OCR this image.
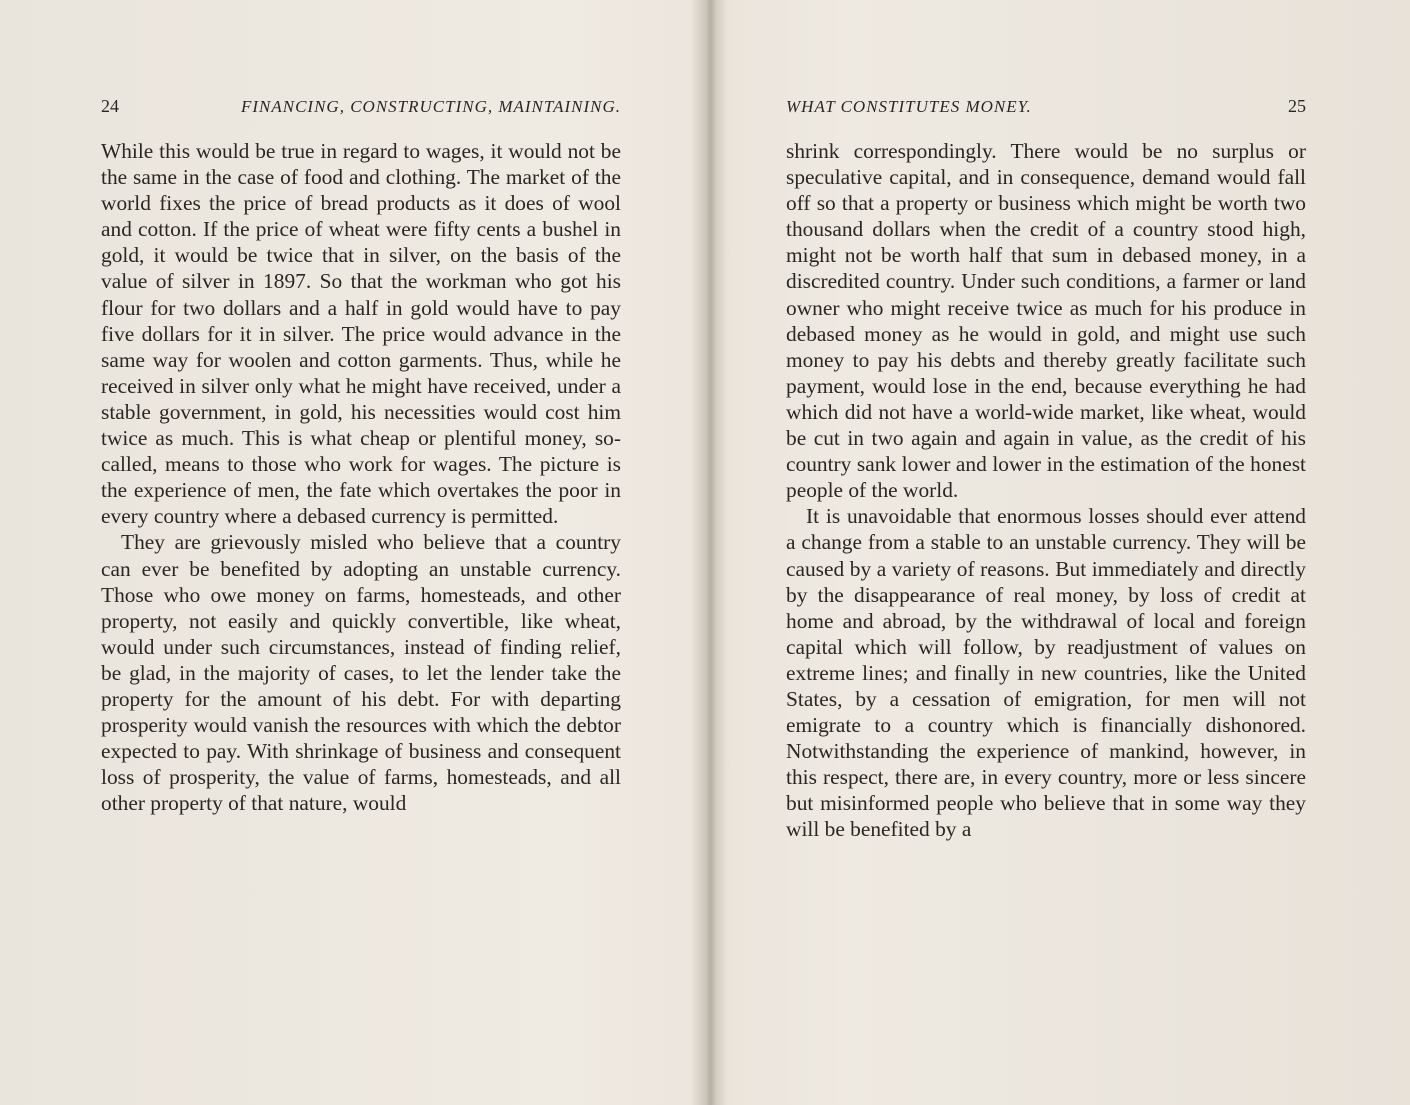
24	FINANCING, CONSTRUCTING, MAINTAINING.

While this would be true in regard to wages, it would not be the same in the case of food and clothing. The market of the world fixes the price of bread products as it does of wool and cotton. If the price of wheat were fifty cents a bushel in gold, it would be twice that in silver, on the basis of the value of silver in 1897. So that the workman who got his flour for two dollars and a half in gold would have to pay five dollars for it in silver. The price would advance in the same way for woolen and cotton garments. Thus, while he received in silver only what he might have received, under a stable government, in gold, his necessities would cost him twice as much. This is what cheap or plentiful money, so-called, means to those who work for wages. The picture is the experience of men, the fate which overtakes the poor in every country where a debased currency is permitted.

They are grievously misled who believe that a country can ever be benefited by adopting an unstable currency. Those who owe money on farms, homesteads, and other property, not easily and quickly convertible, like wheat, would under such circumstances, instead of finding relief, be glad, in the majority of cases, to let the lender take the property for the amount of his debt. For with departing prosperity would vanish the resources with which the debtor expected to pay. With shrinkage of business and consequent loss of prosperity, the value of farms, homesteads, and all other property of that nature, would

WHAT CONSTITUTES MONEY.	25

shrink correspondingly. There would be no surplus or speculative capital, and in consequence, demand would fall off so that a property or business which might be worth two thousand dollars when the credit of a country stood high, might not be worth half that sum in debased money, in a discredited country. Under such conditions, a farmer or land owner who might receive twice as much for his produce in debased money as he would in gold, and might use such money to pay his debts and thereby greatly facilitate such payment, would lose in the end, because everything he had which did not have a world-wide market, like wheat, would be cut in two again and again in value, as the credit of his country sank lower and lower in the estimation of the honest people of the world.

It is unavoidable that enormous losses should ever attend a change from a stable to an unstable currency. They will be caused by a variety of reasons. But immediately and directly by the disappearance of real money, by loss of credit at home and abroad, by the withdrawal of local and foreign capital which will follow, by readjustment of values on extreme lines; and finally in new countries, like the United States, by a cessation of emigration, for men will not emigrate to a country which is financially dishonored. Notwithstanding the experience of mankind, however, in this respect, there are, in every country, more or less sincere but misinformed people who believe that in some way they will be benefited by a
